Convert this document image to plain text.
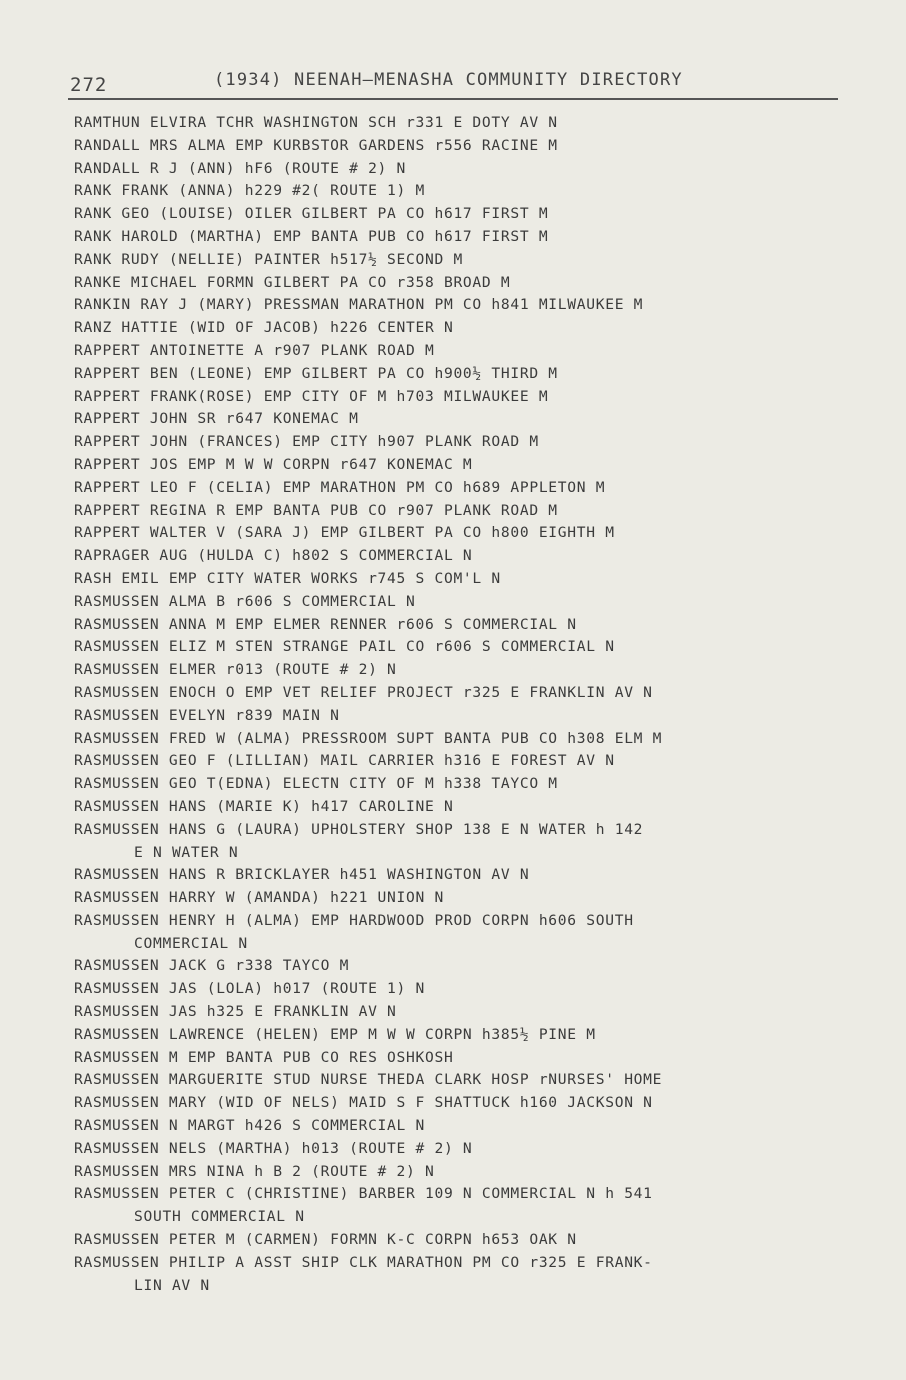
272	(1934) NEENAH–MENASHA COMMUNITY DIRECTORY
RAMTHUN ELVIRA TCHR WASHINGTON SCH r331 E DOTY AV N
RANDALL MRS ALMA EMP KURBSTOR GARDENS r556 RACINE M
RANDALL R J (ANN) hF6 (ROUTE # 2) N
RANK FRANK (ANNA) h229 #2( ROUTE 1) M
RANK GEO (LOUISE) OILER GILBERT PA CO h617 FIRST M
RANK HAROLD (MARTHA) EMP BANTA PUB CO h617 FIRST M
RANK RUDY (NELLIE) PAINTER h517½ SECOND M
RANKE MICHAEL FORMN GILBERT PA CO r358 BROAD M
RANKIN RAY J (MARY) PRESSMAN MARATHON PM CO h841 MILWAUKEE M
RANZ HATTIE (WID OF JACOB) h226 CENTER N
RAPPERT ANTOINETTE A r907 PLANK ROAD M
RAPPERT BEN (LEONE) EMP GILBERT PA CO h900½ THIRD M
RAPPERT FRANK(ROSE) EMP CITY OF M h703 MILWAUKEE M
RAPPERT JOHN SR r647 KONEMAC M
RAPPERT JOHN (FRANCES) EMP CITY h907 PLANK ROAD M
RAPPERT JOS EMP M W W CORPN r647 KONEMAC M
RAPPERT LEO F (CELIA) EMP MARATHON PM CO h689 APPLETON M
RAPPERT REGINA R EMP BANTA PUB CO r907 PLANK ROAD M
RAPPERT WALTER V (SARA J) EMP GILBERT PA CO h800 EIGHTH M
RAPRAGER AUG (HULDA C) h802 S COMMERCIAL N
RASH EMIL EMP CITY WATER WORKS r745 S COM'L N
RASMUSSEN ALMA B r606 S COMMERCIAL N
RASMUSSEN ANNA M EMP ELMER RENNER r606 S COMMERCIAL N
RASMUSSEN ELIZ M STEN STRANGE PAIL CO r606 S COMMERCIAL N
RASMUSSEN ELMER r013 (ROUTE # 2) N
RASMUSSEN ENOCH O EMP VET RELIEF PROJECT r325 E FRANKLIN AV N
RASMUSSEN EVELYN r839 MAIN N
RASMUSSEN FRED W (ALMA) PRESSROOM SUPT BANTA PUB CO h308 ELM M
RASMUSSEN GEO F (LILLIAN) MAIL CARRIER h316 E FOREST AV N
RASMUSSEN GEO T(EDNA) ELECTN CITY OF M h338 TAYCO M
RASMUSSEN HANS (MARIE K) h417 CAROLINE N
RASMUSSEN HANS G (LAURA) UPHOLSTERY SHOP 138 E N WATER h 142
E N WATER N
RASMUSSEN HANS R BRICKLAYER h451 WASHINGTON AV N
RASMUSSEN HARRY W (AMANDA) h221 UNION N
RASMUSSEN HENRY H (ALMA) EMP HARDWOOD PROD CORPN h606 SOUTH
COMMERCIAL N
RASMUSSEN JACK G r338 TAYCO M
RASMUSSEN JAS (LOLA) h017 (ROUTE 1) N
RASMUSSEN JAS h325 E FRANKLIN AV N
RASMUSSEN LAWRENCE (HELEN) EMP M W W CORPN h385½ PINE M
RASMUSSEN M EMP BANTA PUB CO RES OSHKOSH
RASMUSSEN MARGUERITE STUD NURSE THEDA CLARK HOSP rNURSES' HOME
RASMUSSEN MARY (WID OF NELS) MAID S F SHATTUCK h160 JACKSON N
RASMUSSEN N MARGT h426 S COMMERCIAL N
RASMUSSEN NELS (MARTHA) h013 (ROUTE # 2) N
RASMUSSEN MRS NINA h B 2 (ROUTE # 2) N
RASMUSSEN PETER C (CHRISTINE) BARBER 109 N COMMERCIAL N h 541
SOUTH COMMERCIAL N
RASMUSSEN PETER M (CARMEN) FORMN K-C CORPN h653 OAK N
RASMUSSEN PHILIP A ASST SHIP CLK MARATHON PM CO r325 E FRANK-
LIN AV N
